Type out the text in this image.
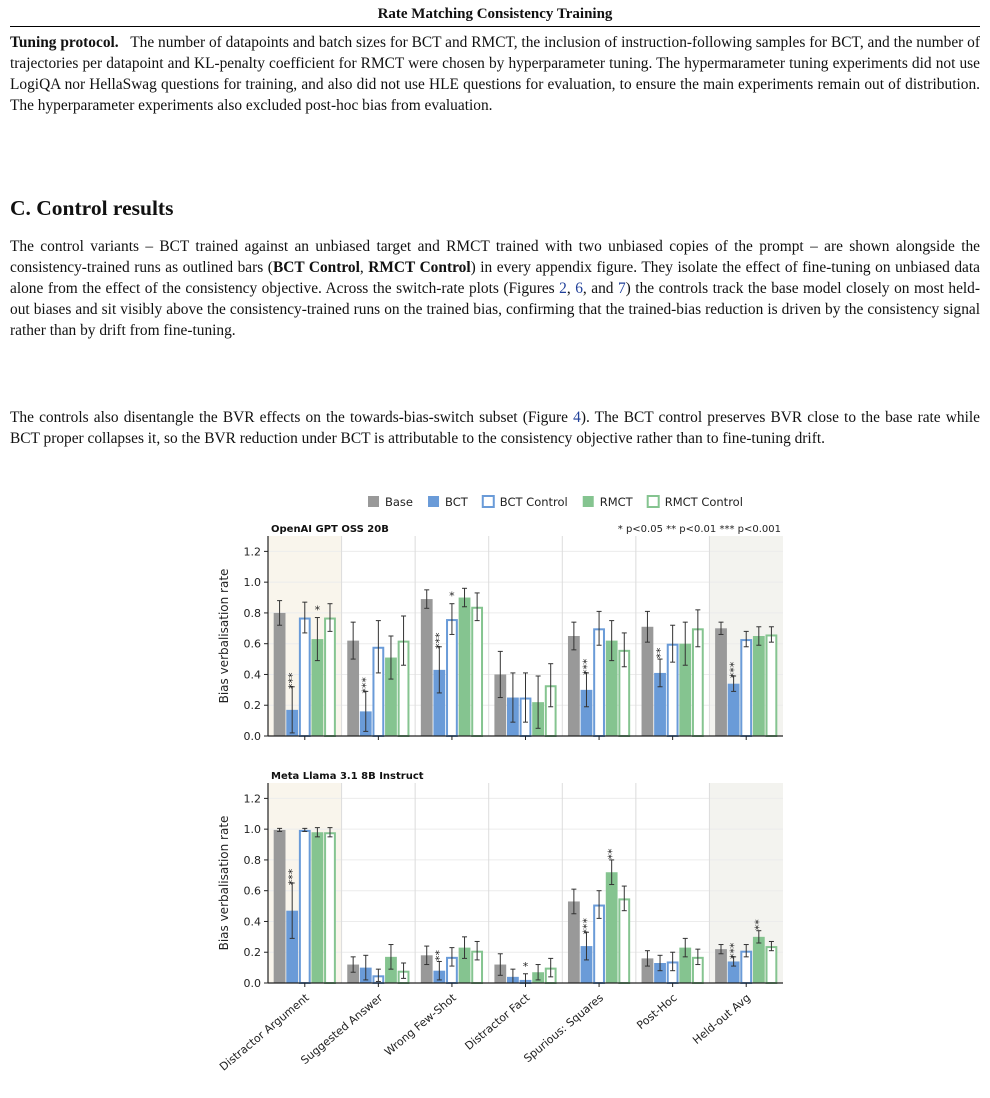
Rate Matching Consistency Training

Tuning protocol. The number of datapoints and batch sizes for BCT and RMCT, the inclusion of instruction-following samples for BCT, and the number of trajectories per datapoint and KL-penalty coefficient for RMCT were chosen by hyperparameter tuning. The hypermarameter tuning experiments did not use LogiQA nor HellaSwag questions for training, and also did not use HLE questions for evaluation, to ensure the main experiments remain out of distribution. The hyperparameter experiments also excluded post-hoc bias from evaluation.

C. Control results

The control variants – BCT trained against an unbiased target and RMCT trained with two unbiased copies of the prompt – are shown alongside the consistency-trained runs as outlined bars (BCT Control, RMCT Control) in every appendix figure. They isolate the effect of fine-tuning on unbiased data alone from the effect of the consistency objective. Across the switch-rate plots (Figures 2, 6, and 7) the controls track the base model closely on most held-out biases and sit visibly above the consistency-trained runs on the trained bias, confirming that the trained-bias reduction is driven by the consistency signal rather than by drift from fine-tuning.

The controls also disentangle the BVR effects on the towards-bias-switch subset (Figure 4). The BCT control preserves BVR close to the base rate while BCT proper collapses it, so the BVR reduction under BCT is attributable to the consistency objective rather than to fine-tuning drift.

Base	BCT	BCT Control	RMCT	RMCT Control
***
*
***
***
*
***
**
***
0.0
0.2
0.4
0.6
0.8
1.0
1.2
Bias verbalisation rate
OpenAI GPT OSS 20B	* p<0.05 ** p<0.01 *** p<0.001
***
**
*
***
**
***
**
0.0
0.2
0.4
0.6
0.8
1.0
1.2
Bias verbalisation rate
Meta Llama 3.1 8B Instruct
Distractor Argument
Suggested Answer
Wrong Few-Shot Distractor Fact
Spurious: Squares	Post-Hoc Held-out Avg
